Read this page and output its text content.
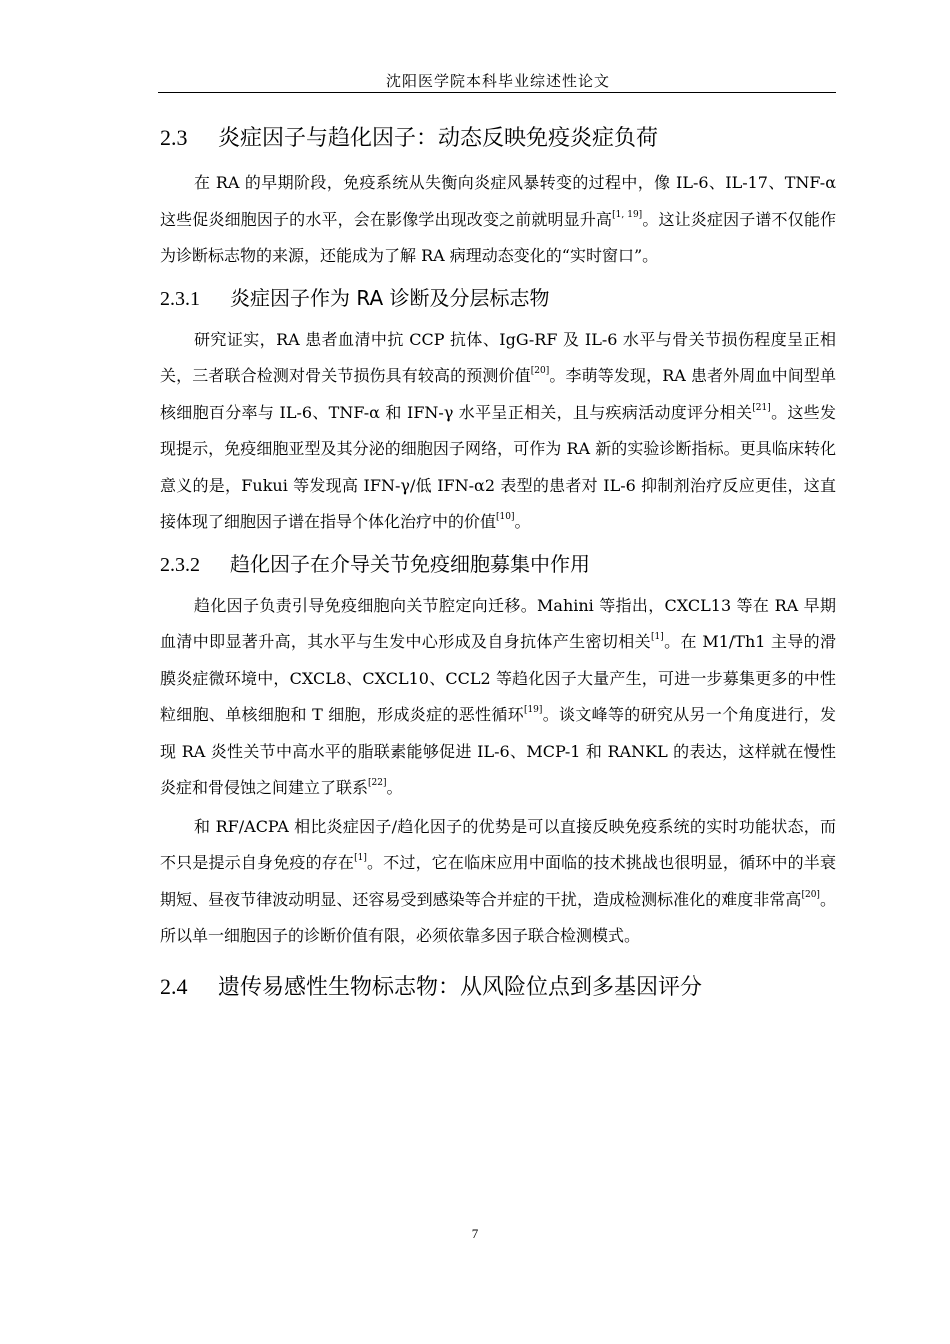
沈阳医学院本科毕业综述性论文
2.3 炎症因子与趋化因子：动态反映免疫炎症负荷

在 RA 的早期阶段，免疫系统从失衡向炎症风暴转变的过程中，像 IL-6、IL-17、TNF-α 这些促炎细胞因子的水平，会在影像学出现改变之前就明显升高[1, 19]。这让炎症因子谱不仅能作为诊断标志物的来源，还能成为了解 RA 病理动态变化的“实时窗口”。

2.3.1 炎症因子作为 RA 诊断及分层标志物

研究证实，RA 患者血清中抗 CCP 抗体、IgG-RF 及 IL-6 水平与骨关节损伤程度呈正相关，三者联合检测对骨关节损伤具有较高的预测价值[20]。李萌等发现，RA 患者外周血中间型单核细胞百分率与 IL-6、TNF-α 和 IFN-γ 水平呈正相关，且与疾病活动度评分相关[21]。这些发现提示，免疫细胞亚型及其分泌的细胞因子网络，可作为 RA 新的实验诊断指标。更具临床转化意义的是，Fukui 等发现高 IFN-γ/低 IFN-α2 表型的患者对 IL-6 抑制剂治疗反应更佳，这直接体现了细胞因子谱在指导个体化治疗中的价值[10]。

2.3.2 趋化因子在介导关节免疫细胞募集中作用

趋化因子负责引导免疫细胞向关节腔定向迁移。Mahini 等指出，CXCL13 等在 RA 早期血清中即显著升高，其水平与生发中心形成及自身抗体产生密切相关[1]。在 M1/Th1 主导的滑膜炎症微环境中，CXCL8、CXCL10、CCL2 等趋化因子大量产生，可进一步募集更多的中性粒细胞、单核细胞和 T 细胞，形成炎症的恶性循环[19]。谈文峰等的研究从另一个角度进行，发现 RA 炎性关节中高水平的脂联素能够促进 IL-6、MCP-1 和 RANKL 的表达，这样就在慢性炎症和骨侵蚀之间建立了联系[22]。

和 RF/ACPA 相比炎症因子/趋化因子的优势是可以直接反映免疫系统的实时功能状态，而不只是提示自身免疫的存在[1]。不过，它在临床应用中面临的技术挑战也很明显，循环中的半衰期短、昼夜节律波动明显、还容易受到感染等合并症的干扰，造成检测标准化的难度非常高[20]。所以单一细胞因子的诊断价值有限，必须依靠多因子联合检测模式。

2.4 遗传易感性生物标志物：从风险位点到多基因评分
7
